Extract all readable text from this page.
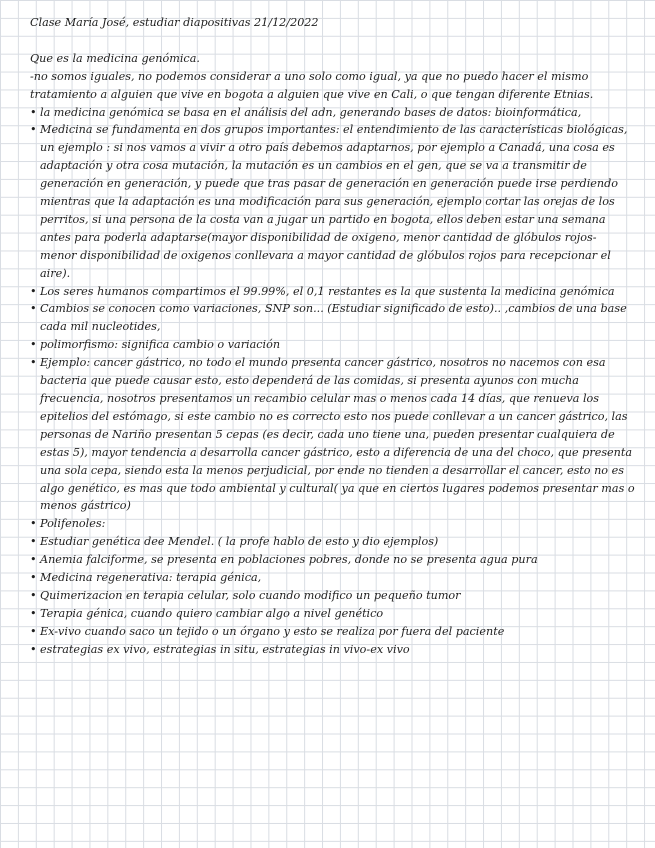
Clase María José, estudiar diapositivas 21/12/2022
Que es la medicina genómica.
-no somos iguales, no podemos considerar a uno solo como igual, ya que no puedo hacer el mismo tratamiento a alguien que vive en bogota a alguien que vive en Cali, o que tengan diferente Etnias.
• la medicina genómica se basa en el análisis del adn, generando bases de datos: bioinformática,
• Medicina se fundamenta en dos grupos importantes: el entendimiento de las características biológicas, un ejemplo : si nos vamos a vivir a otro país debemos adaptarnos, por ejemplo a Canadá, una cosa es adaptación y otra cosa mutación, la mutación es un cambios en el gen, que se va a transmitir de generación en generación, y puede que tras pasar de generación en generación puede irse perdiendo mientras que la adaptación es una modificación para sus generación, ejemplo cortar las orejas de los perritos, si una persona de la costa van a jugar un partido en bogota, ellos deben estar una semana antes para poderla adaptarse(mayor disponibilidad de oxigeno, menor cantidad de glóbulos rojos- menor disponibilidad de oxigenos conllevara a mayor cantidad de glóbulos rojos para recepcionar el aire).
• Los seres humanos compartimos el 99.99%, el 0,1 restantes es la que sustenta la medicina genómica
• Cambios se conocen como variaciones, SNP son... (Estudiar significado de esto).. ,cambios de una base cada mil nucleotides,
• polimorfismo: significa cambio o variación
• Ejemplo: cancer gástrico, no todo el mundo presenta cancer gástrico, nosotros no nacemos con esa bacteria que puede causar esto, esto dependerá de las comidas, si presenta ayunos con mucha frecuencia, nosotros presentamos un recambio celular mas o menos cada 14 días, que renueva los epitelios del estómago, si este cambio no es correcto esto nos puede conllevar a un cancer gástrico, las personas de Nariño presentan 5 cepas (es decir, cada uno tiene una, pueden presentar cualquiera de estas 5), mayor tendencia a desarrolla cancer gástrico, esto a diferencia de una del choco, que presenta una sola cepa, siendo esta la menos perjudicial, por ende no tienden a desarrollar el cancer, esto no es algo genético, es mas que todo ambiental y cultural( ya que en ciertos lugares podemos presentar mas o menos gástrico)
• Polifenoles:
• Estudiar genética dee Mendel. ( la profe hablo de esto y dio ejemplos)
• Anemia falciforme, se presenta en poblaciones pobres, donde no se presenta agua pura
• Medicina regenerativa: terapia génica,
• Quimerizacion en terapia celular, solo cuando modifico un pequeño tumor
• Terapia génica, cuando quiero cambiar algo a nivel genético
• Ex-vivo cuando saco un tejido o un órgano y esto se realiza por fuera del paciente
• estrategias ex vivo, estrategias in situ, estrategias in vivo-ex vivo
